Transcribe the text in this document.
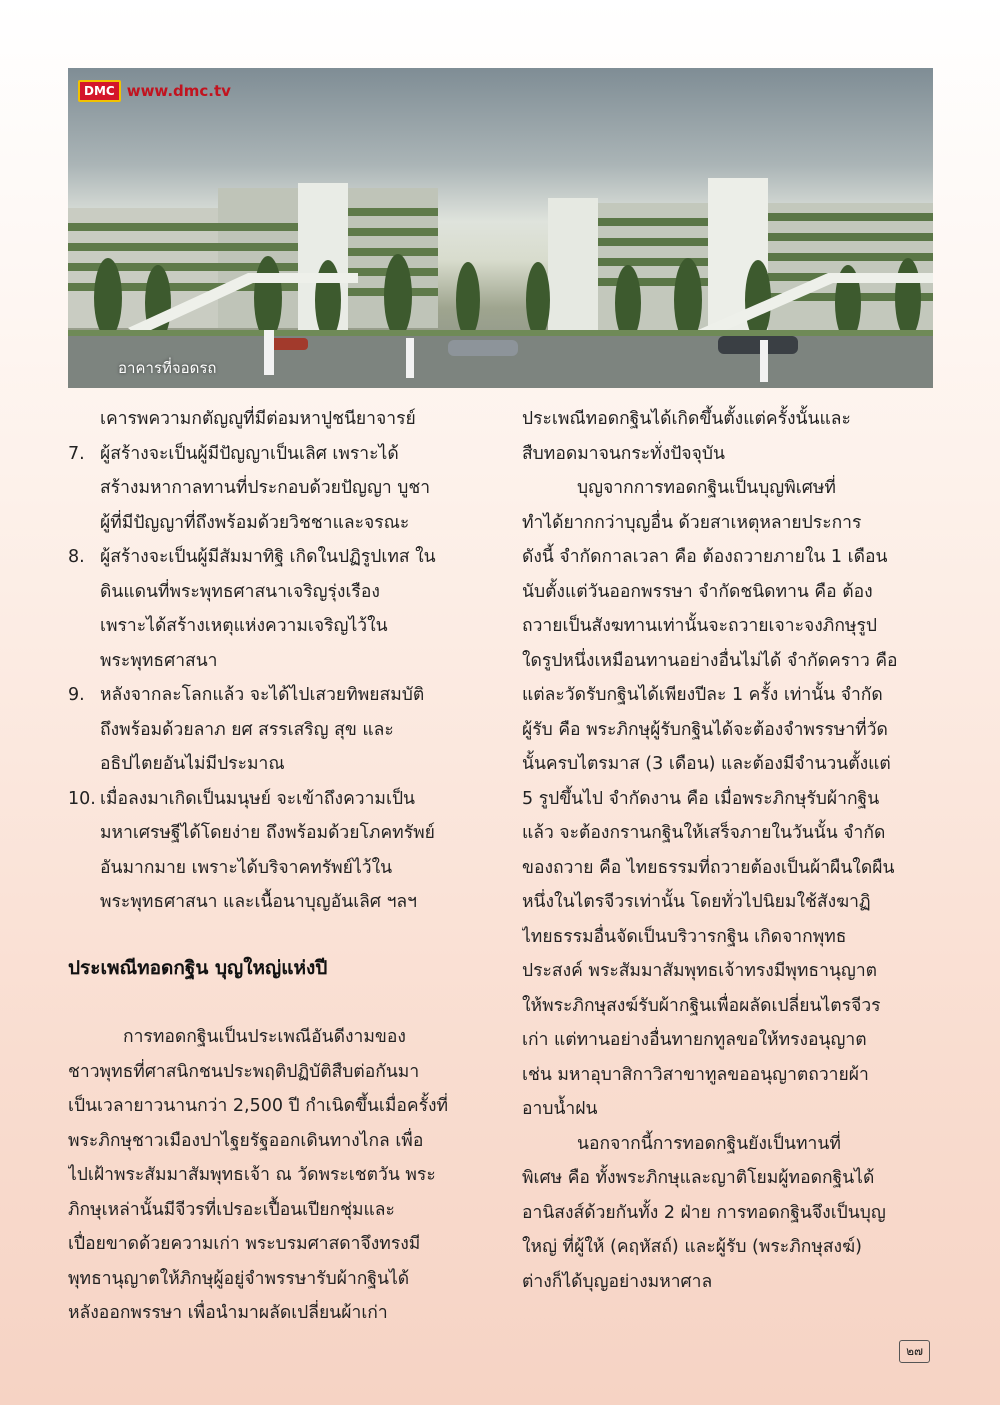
DMC www.dmc.tv
อาคารที่จอดรถ
เคารพความกตัญญูที่มีต่อมหาปูชนียาจารย์
7. ผู้สร้างจะเป็นผู้มีปัญญาเป็นเลิศ เพราะได้
สร้างมหากาลทานที่ประกอบด้วยปัญญา บูชา
ผู้ที่มีปัญญาที่ถึงพร้อมด้วยวิชชาและจรณะ
8. ผู้สร้างจะเป็นผู้มีสัมมาทิฐิ เกิดในปฏิรูปเทส ใน
ดินแดนที่พระพุทธศาสนาเจริญรุ่งเรือง
เพราะได้สร้างเหตุแห่งความเจริญไว้ใน
พระพุทธศาสนา
9. หลังจากละโลกแล้ว จะได้ไปเสวยทิพยสมบัติ
ถึงพร้อมด้วยลาภ ยศ สรรเสริญ สุข และ
อธิปไตยอันไม่มีประมาณ
10. เมื่อลงมาเกิดเป็นมนุษย์ จะเข้าถึงความเป็น
มหาเศรษฐีได้โดยง่าย ถึงพร้อมด้วยโภคทรัพย์
อันมากมาย เพราะได้บริจาคทรัพย์ไว้ใน
พระพุทธศาสนา และเนื้อนาบุญอันเลิศ ฯลฯ
ประเพณีทอดกฐิน บุญใหญ่แห่งปี
การทอดกฐินเป็นประเพณีอันดีงามของ
ชาวพุทธที่ศาสนิกชนประพฤติปฏิบัติสืบต่อกันมา
เป็นเวลายาวนานกว่า 2,500 ปี กำเนิดขึ้นเมื่อครั้งที่
พระภิกษุชาวเมืองปาไฐยรัฐออกเดินทางไกล เพื่อ
ไปเฝ้าพระสัมมาสัมพุทธเจ้า ณ วัดพระเชตวัน พระ
ภิกษุเหล่านั้นมีจีวรที่เปรอะเปื้อนเปียกชุ่มและ
เปื่อยขาดด้วยความเก่า พระบรมศาสดาจึงทรงมี
พุทธานุญาตให้ภิกษุผู้อยู่จำพรรษารับผ้ากฐินได้
หลังออกพรรษา เพื่อนำมาผลัดเปลี่ยนผ้าเก่า
ประเพณีทอดกฐินได้เกิดขึ้นตั้งแต่ครั้งนั้นและ
สืบทอดมาจนกระทั่งปัจจุบัน
บุญจากการทอดกฐินเป็นบุญพิเศษที่
ทำได้ยากกว่าบุญอื่น ด้วยสาเหตุหลายประการ
ดังนี้ จำกัดกาลเวลา คือ ต้องถวายภายใน 1 เดือน
นับตั้งแต่วันออกพรรษา จำกัดชนิดทาน คือ ต้อง
ถวายเป็นสังฆทานเท่านั้นจะถวายเจาะจงภิกษุรูป
ใดรูปหนึ่งเหมือนทานอย่างอื่นไม่ได้ จำกัดคราว คือ
แต่ละวัดรับกฐินได้เพียงปีละ 1 ครั้ง เท่านั้น จำกัด
ผู้รับ คือ พระภิกษุผู้รับกฐินได้จะต้องจำพรรษาที่วัด
นั้นครบไตรมาส (3 เดือน) และต้องมีจำนวนตั้งแต่
5 รูปขึ้นไป จำกัดงาน คือ เมื่อพระภิกษุรับผ้ากฐิน
แล้ว จะต้องกรานกฐินให้เสร็จภายในวันนั้น จำกัด
ของถวาย คือ ไทยธรรมที่ถวายต้องเป็นผ้าผืนใดผืน
หนึ่งในไตรจีวรเท่านั้น โดยทั่วไปนิยมใช้สังฆาฏิ
ไทยธรรมอื่นจัดเป็นบริวารกฐิน เกิดจากพุทธ
ประสงค์ พระสัมมาสัมพุทธเจ้าทรงมีพุทธานุญาต
ให้พระภิกษุสงฆ์รับผ้ากฐินเพื่อผลัดเปลี่ยนไตรจีวร
เก่า แต่ทานอย่างอื่นทายกทูลขอให้ทรงอนุญาต
เช่น มหาอุบาสิกาวิสาขาทูลขออนุญาตถวายผ้า
อาบน้ำฝน
นอกจากนี้การทอดกฐินยังเป็นทานที่
พิเศษ คือ ทั้งพระภิกษุและญาติโยมผู้ทอดกฐินได้
อานิสงส์ด้วยกันทั้ง 2 ฝ่าย การทอดกฐินจึงเป็นบุญ
ใหญ่ ที่ผู้ให้ (คฤหัสถ์) และผู้รับ (พระภิกษุสงฆ์)
ต่างก็ได้บุญอย่างมหาศาล
๒๗
